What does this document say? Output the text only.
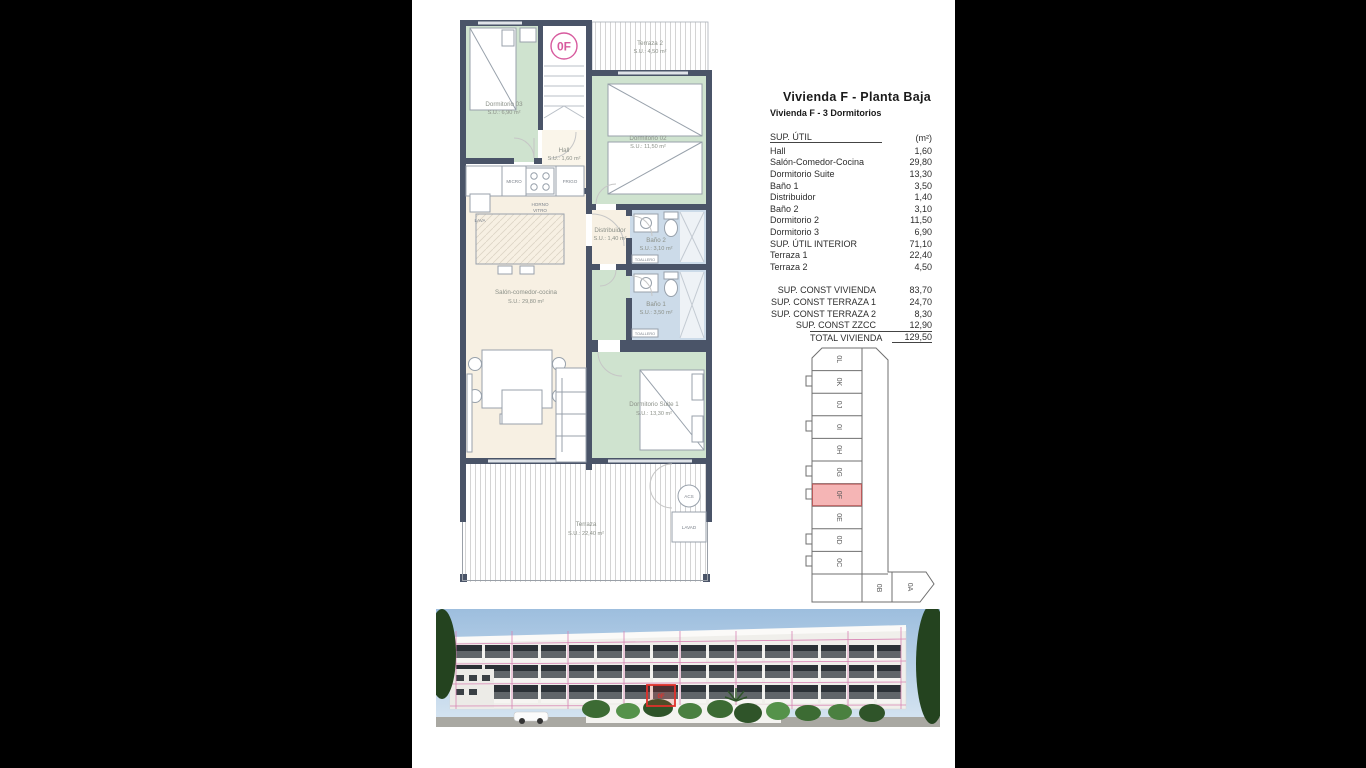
0F
Dormitorio 03
S.U.: 6,90 m²
Terraza 2
S.U.: 4,50 m²
Dormitorio 02
S.U.: 11,50 m²
Hall
S.U.: 1,60 m²
Salón-comedor-cocina
S.U.: 29,80 m²
Distribuidor
S.U.: 1,40 m²	Baño 2
S.U.: 3,10 m²
Baño 1
S.U.: 3,50 m²
Dormitorio Suite 1
S.U.: 13,30 m²
Terraza
S.U.: 22,40 m²
MICRO	FRIGO
HORNO
VITRO
LAVA
ACS
LAVAD
TOALLERO
TOALLERO
Vivienda F - Planta Baja
Vivienda F - 3 Dormitorios
SUP. ÚTIL	(m²)
Hall	1,60
Salón-Comedor-Cocina	29,80
Dormitorio Suite	13,30
Baño 1	3,50
Distribuidor	1,40
Baño 2	3,10
Dormitorio 2	11,50
Dormitorio 3	6,90
SUP. ÚTIL INTERIOR	71,10
Terraza 1	22,40
Terraza 2	4,50
SUP. CONST VIVIENDA	83,70
SUP. CONST TERRAZA 1	24,70
SUP. CONST TERRAZA 2	8,30
SUP. CONST ZZCC	12,90
TOTAL VIVIENDA	129,50
0L
0K
0J
0I
0H
0G
0F
0E
0D
0C
0B	0A
0F
